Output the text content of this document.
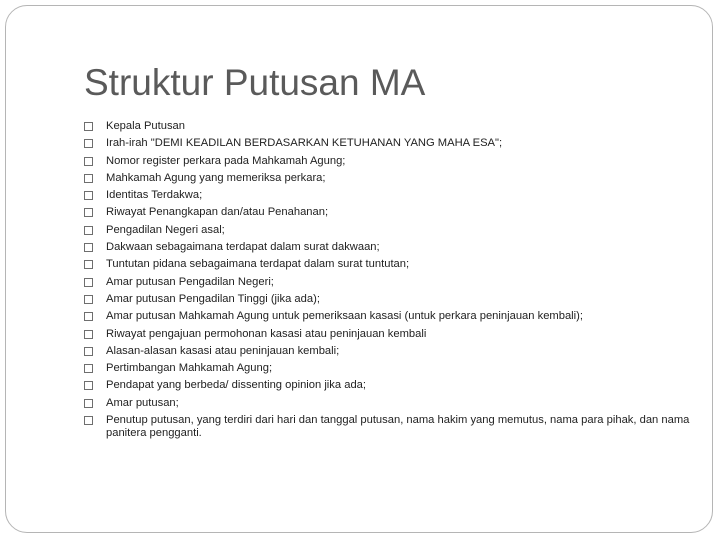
Struktur Putusan MA
Kepala Putusan
Irah-irah "DEMI KEADILAN BERDASARKAN KETUHANAN YANG MAHA ESA";
Nomor register perkara pada Mahkamah Agung;
Mahkamah Agung yang memeriksa perkara;
Identitas Terdakwa;
Riwayat Penangkapan dan/atau Penahanan;
Pengadilan Negeri asal;
Dakwaan sebagaimana terdapat dalam surat dakwaan;
Tuntutan pidana sebagaimana terdapat dalam surat tuntutan;
Amar putusan Pengadilan Negeri;
Amar putusan Pengadilan Tinggi (jika ada);
Amar putusan Mahkamah Agung untuk pemeriksaan kasasi (untuk perkara peninjauan kembali);
Riwayat pengajuan permohonan kasasi atau peninjauan kembali
Alasan-alasan kasasi atau peninjauan kembali;
Pertimbangan Mahkamah Agung;
Pendapat yang berbeda/ dissenting opinion jika ada;
Amar putusan;
Penutup putusan, yang terdiri dari hari dan tanggal putusan, nama hakim yang memutus, nama para pihak, dan nama panitera pengganti.
